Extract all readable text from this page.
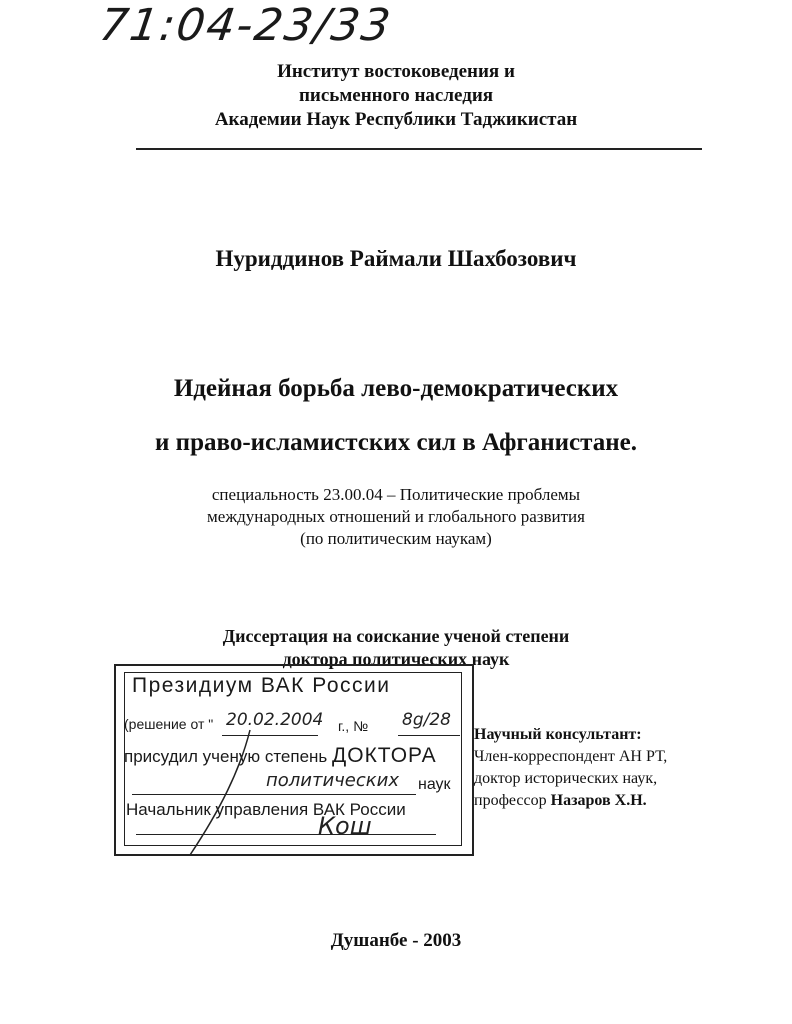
71:04-23/33
Институт востоковедения и
письменного наследия
Академии Наук Республики Таджикистан
Нуриддинов Раймали Шахбозович
Идейная борьба лево-демократических
и право-исламистских сил в Афганистане.
специальность 23.00.04 – Политические проблемы
международных отношений и глобального развития
(по политическим наукам)
Диссертация на соискание ученой степени
доктора политических наук
Президиум ВАК России
(решение от " 20.02.2004 г., № 8g/28
присудил ученую степень ДОКТОРА
политических наук
Начальник управления ВАК России
Кош
Научный консультант:
Член-корреспондент АН РТ,
доктор исторических наук,
профессор Назаров Х.Н.
Душанбе - 2003
